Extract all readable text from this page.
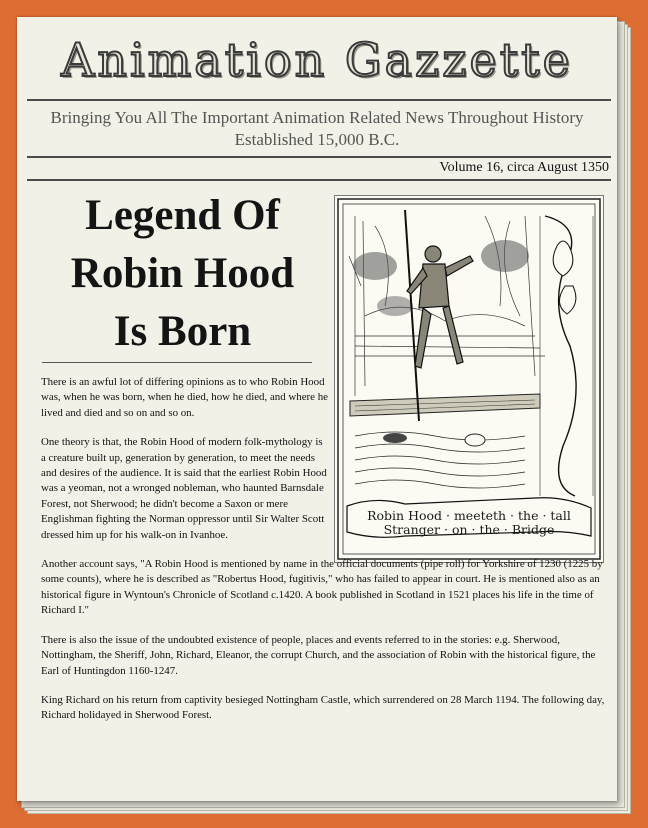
Animation Gazzette
Bringing You All The Important Animation Related News Throughout History
Established 15,000 B.C.
Volume 16, circa August 1350
Legend Of
Robin Hood
Is Born
Robin Hood · meeteth · the · tall
Stranger · on · the · Bridge

There is an awful lot of differing opinions as to who Robin Hood was, when he was born, when he died, how he died, and where he lived and died and so on and so on.

One theory is that, the Robin Hood of modern folk-mythology is a creature built up, generation by generation, to meet the needs and desires of the audience. It is said that the earliest Robin Hood was a yeoman, not a wronged nobleman, who haunted Barnsdale Forest, not Sherwood; he didn't become a Saxon or mere Englishman fighting the Norman oppressor until Sir Walter Scott dressed him up for his walk-on in Ivanhoe.

Another account says, "A Robin Hood is mentioned by name in the official documents (pipe roll) for Yorkshire of 1230 (1225 by some counts), where he is described as "Robertus Hood, fugitivis," who has failed to appear in court. He is mentioned also as an historical figure in Wyntoun's Chronicle of Scotland c.1420. A book published in Scotland in 1521 places his life in the time of Richard I."

There is also the issue of the undoubted existence of people, places and events referred to in the stories: e.g. Sherwood, Nottingham, the Sheriff, John, Richard, Eleanor, the corrupt Church, and the association of Robin with the historical figure, the Earl of Huntingdon 1160-1247.

King Richard on his return from captivity besieged Nottingham Castle, which surrendered on 28 March 1194. The following day, Richard holidayed in Sherwood Forest.
